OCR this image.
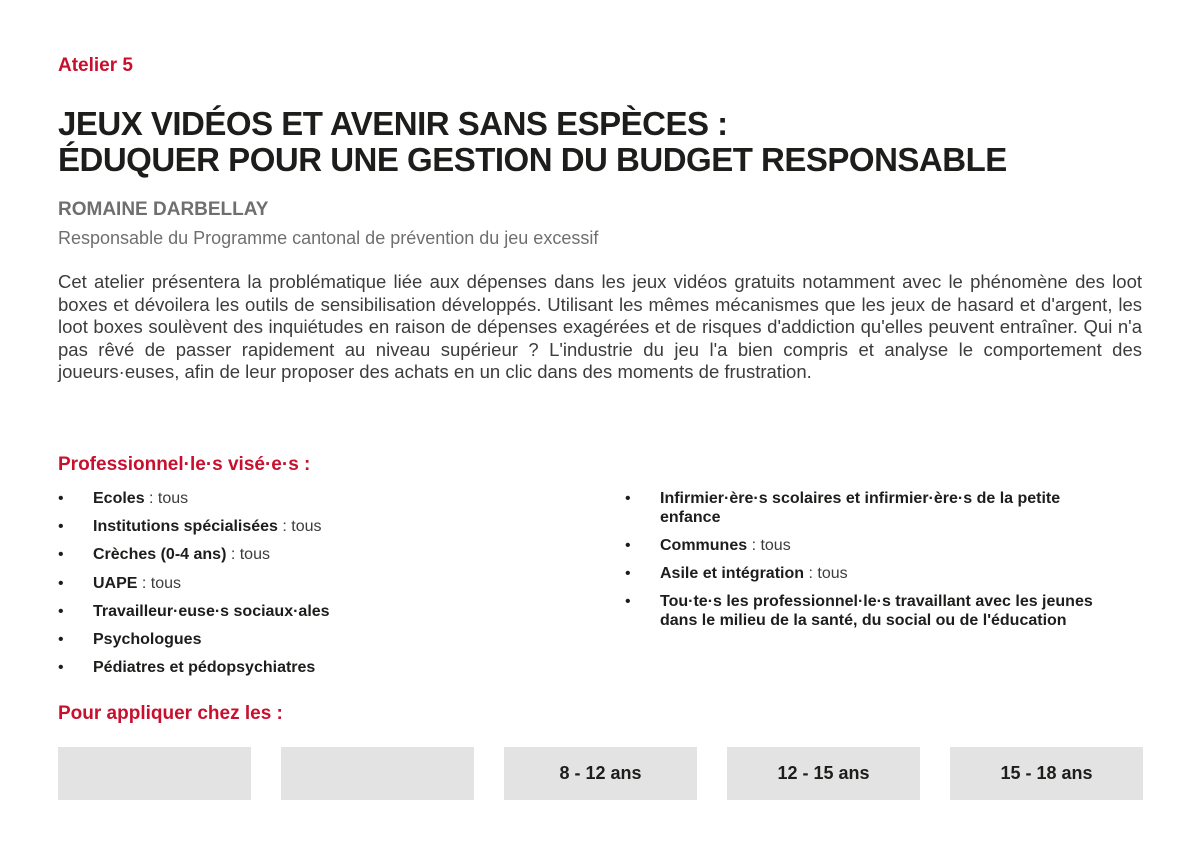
Atelier 5
JEUX VIDÉOS ET AVENIR SANS ESPÈCES :
ÉDUQUER POUR UNE GESTION DU BUDGET RESPONSABLE
ROMAINE DARBELLAY
Responsable du Programme cantonal de prévention du jeu excessif

Cet atelier présentera la problématique liée aux dépenses dans les jeux vidéos gratuits notamment avec le phénomène des loot boxes et dévoilera les outils de sensibilisation développés. Utilisant les mêmes mécanismes que les jeux de hasard et d'argent, les loot boxes soulèvent des inquiétudes en raison de dépenses exagérées et de risques d'addiction qu'elles peuvent entraîner. Qui n'a pas rêvé de passer rapidement au niveau supérieur ? L'industrie du jeu l'a bien compris et analyse le comportement des joueurs·euses, afin de leur proposer des achats en un clic dans des moments de frustration.

Professionnel·le·s visé·e·s :
• Ecoles : tous
• Institutions spécialisées : tous
• Crèches (0-4 ans) : tous
• UAPE : tous
• Travailleur·euse·s sociaux·ales
• Psychologues
• Pédiatres et pédopsychiatres
• Infirmier·ère·s scolaires et infirmier·ère·s de la petite enfance
• Communes : tous
• Asile et intégration : tous
• Tou·te·s les professionnel·le·s travaillant avec les jeunes dans le milieu de la santé, du social ou de l'éducation
Pour appliquer chez les :
8 - 12 ans	12 - 15 ans	15 - 18 ans
